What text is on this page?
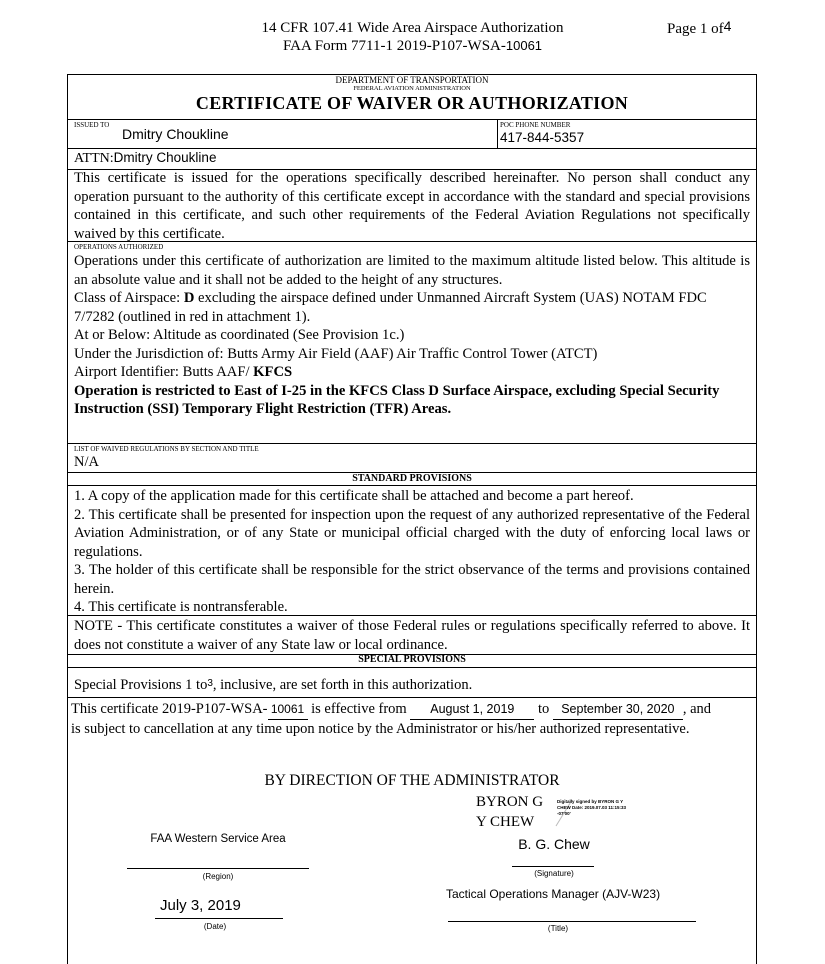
14 CFR 107.41 Wide Area Airspace Authorization
FAA Form 7711-1 2019-P107-WSA-10061
Page 1 of4
DEPARTMENT OF TRANSPORTATION
FEDERAL AVIATION ADMINISTRATION
CERTIFICATE OF WAIVER OR AUTHORIZATION
ISSUED TO
Dmitry Choukline
POC PHONE NUMBER
417-844-5357
ATTN:Dmitry Choukline
This certificate is issued for the operations specifically described hereinafter. No person shall conduct any operation pursuant to the authority of this certificate except in accordance with the standard and special provisions contained in this certificate, and such other requirements of the Federal Aviation Regulations not specifically waived by this certificate.
OPERATIONS AUTHORIZED
Operations under this certificate of authorization are limited to the maximum altitude listed below. This altitude is an absolute value and it shall not be added to the height of any structures.
Class of Airspace: D excluding the airspace defined under Unmanned Aircraft System (UAS) NOTAM FDC 7/7282 (outlined in red in attachment 1).
At or Below: Altitude as coordinated (See Provision 1c.)
Under the Jurisdiction of: Butts Army Air Field (AAF) Air Traffic Control Tower (ATCT)
Airport Identifier: Butts AAF/ KFCS
Operation is restricted to East of I-25 in the KFCS Class D Surface Airspace, excluding Special Security Instruction (SSI) Temporary Flight Restriction (TFR) Areas.
LIST OF WAIVED REGULATIONS BY SECTION AND TITLE
N/A
STANDARD PROVISIONS
1. A copy of the application made for this certificate shall be attached and become a part hereof.
2. This certificate shall be presented for inspection upon the request of any authorized representative of the Federal Aviation Administration, or of any State or municipal official charged with the duty of enforcing local laws or regulations.
3. The holder of this certificate shall be responsible for the strict observance of the terms and provisions contained herein.
4. This certificate is nontransferable.
NOTE - This certificate constitutes a waiver of those Federal rules or regulations specifically referred to above. It does not constitute a waiver of any State law or local ordinance.
SPECIAL PROVISIONS
Special Provisions 1 $to^3$, inclusive, are set forth in this authorization.
This certificate 2019-P107-WSA- 10061 is effective from August 1, 2019 to September 30, 2020 , and
is subject to cancellation at any time upon notice by the Administrator or his/her authorized representative.
BY DIRECTION OF THE ADMINISTRATOR
BYRON G
Y CHEW
Digitally signed by BYRON G Y CHEW Date: 2019.07.03 11:15:33 -07'00'
FAA Western Service Area
(Region)
B. G. Chew
(Signature)
Tactical Operations Manager (AJV-W23)
(Title)
July 3, 2019
(Date)
